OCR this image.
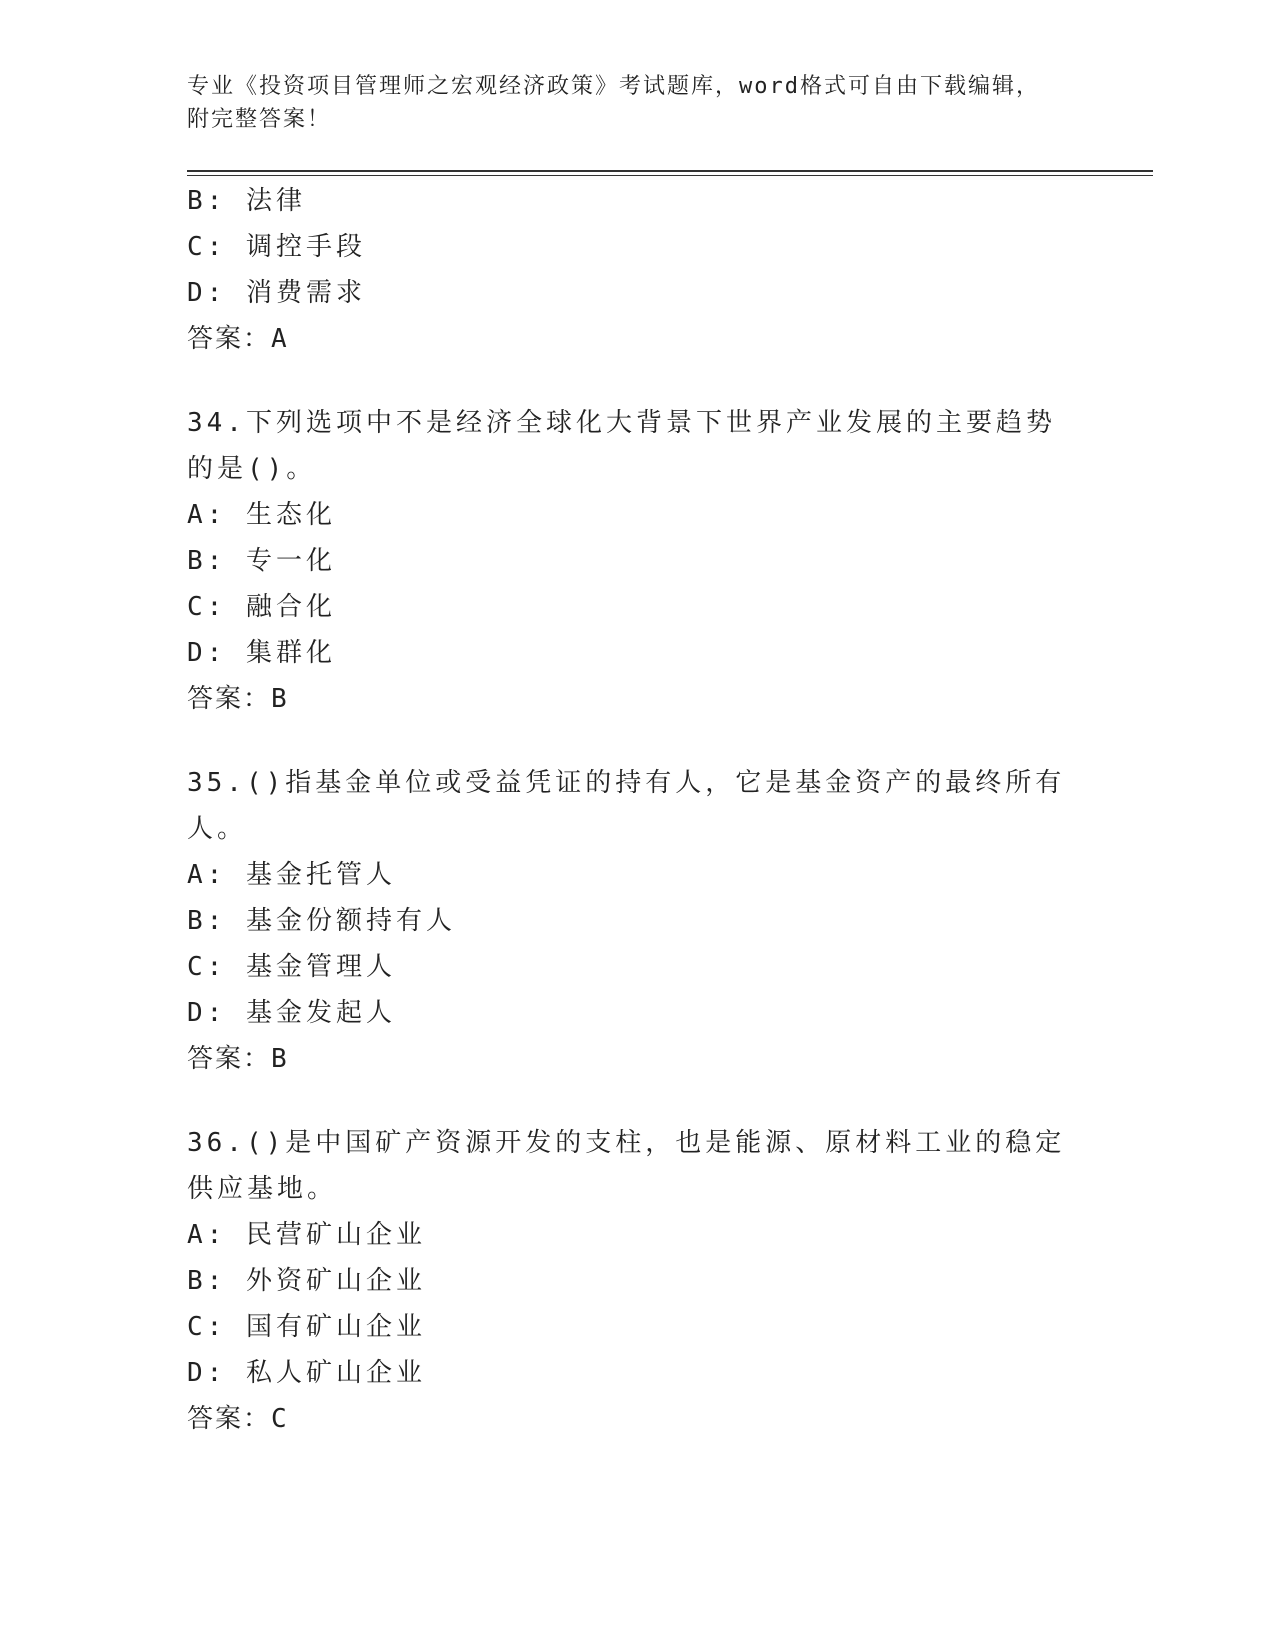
专业《投资项目管理师之宏观经济政策》考试题库，word格式可自由下载编辑，
附完整答案！

B: 法律

C: 调控手段

D: 消费需求

答案：A

34.下列选项中不是经济全球化大背景下世界产业发展的主要趋势的是()。

A: 生态化

B: 专一化

C: 融合化

D: 集群化

答案：B

35.()指基金单位或受益凭证的持有人，它是基金资产的最终所有人。

A: 基金托管人

B: 基金份额持有人

C: 基金管理人

D: 基金发起人

答案：B

36.()是中国矿产资源开发的支柱，也是能源、原材料工业的稳定供应基地。

A: 民营矿山企业

B: 外资矿山企业

C: 国有矿山企业

D: 私人矿山企业

答案：C
